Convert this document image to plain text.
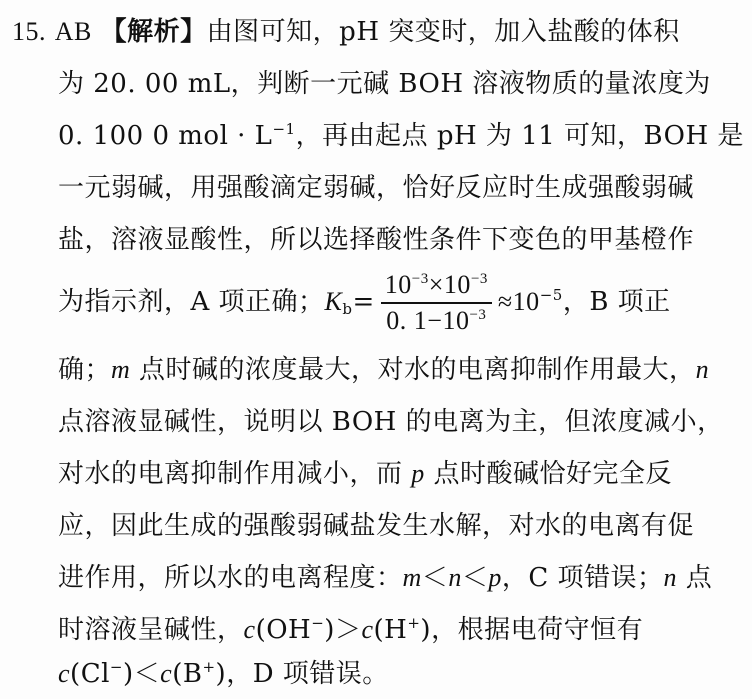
15. AB 【解析】由图可知，pH 突变时，加入盐酸的体积
为 20. 00 mL，判断一元碱 BOH 溶液物质的量浓度为
0. 100 0 mol · $L^{-1}$，再由起点 pH 为 11 可知，BOH 是
一元弱碱，用强酸滴定弱碱，恰好反应时生成强酸弱碱
盐，溶液显酸性，所以选择酸性条件下变色的甲基橙作
为指示剂，A 项正确；$K_b= \frac{10^{-3}\times 10^{-3}}{0. 1-10^{-3}} \approx 10^{-5}$，B 项正
确；m 点时碱的浓度最大，对水的电离抑制作用最大，n
点溶液显碱性，说明以 BOH 的电离为主，但浓度减小，
对水的电离抑制作用减小，而 p 点时酸碱恰好完全反
应，因此生成的强酸弱碱盐发生水解，对水的电离有促
进作用，所以水的电离程度：m＜n＜p，C 项错误；n 点
时溶液呈碱性，c(OH−)＞c(H+)，根据电荷守恒有
c(Cl−)＜c(B+)，D 项错误。
